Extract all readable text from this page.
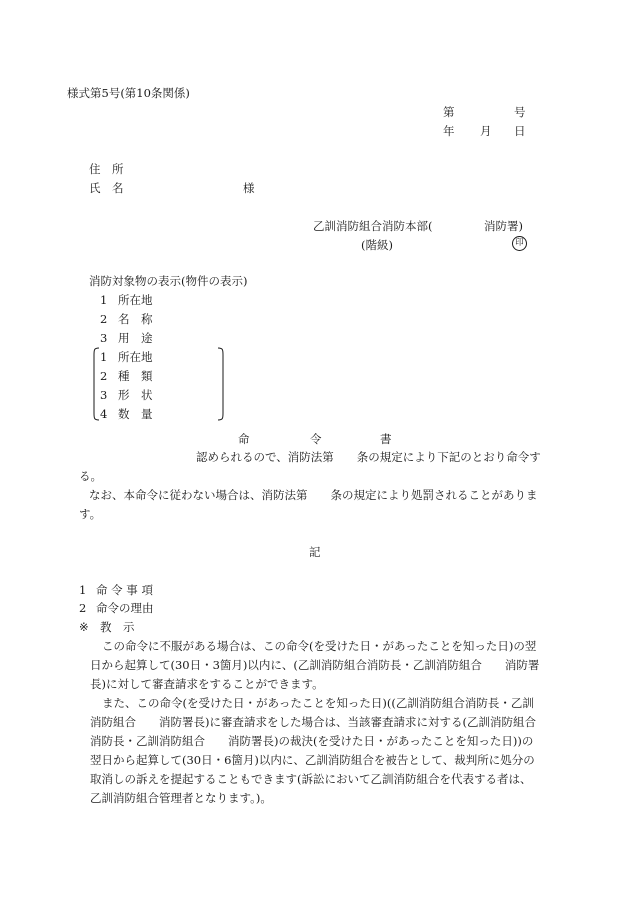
様式第5号(第10条関係)
第	号
年 月 日
住　所
氏　名	様
乙訓消防組合消防本部(	消防署)
(階級)	印
消防対象物の表示(物件の表示)
1 所在地
2 名　称
3 用　途
1 所在地
2 種　類
3 形　状
4 数　量
命	令	書
認められるので、消防法第　　条の規定により下記のとおり命令す
る。
なお、本命令に従わない場合は、消防法第　　条の規定により処罰されることがありま
す。
記
1 命 令 事 項
2 命令の理由
※ 教　示
この命令に不服がある場合は、この命令(を受けた日・があったことを知った日)の翌
日から起算して(30日・3箇月)以内に、(乙訓消防組合消防長・乙訓消防組合　　消防署
長)に対して審査請求をすることができます。
また、この命令(を受けた日・があったことを知った日)((乙訓消防組合消防長・乙訓
消防組合　　消防署長)に審査請求をした場合は、当該審査請求に対する(乙訓消防組合
消防長・乙訓消防組合　　消防署長)の裁決(を受けた日・があったことを知った日))の
翌日から起算して(30日・6箇月)以内に、乙訓消防組合を被告として、裁判所に処分の
取消しの訴えを提起することもできます(訴訟において乙訓消防組合を代表する者は、
乙訓消防組合管理者となります。)。
